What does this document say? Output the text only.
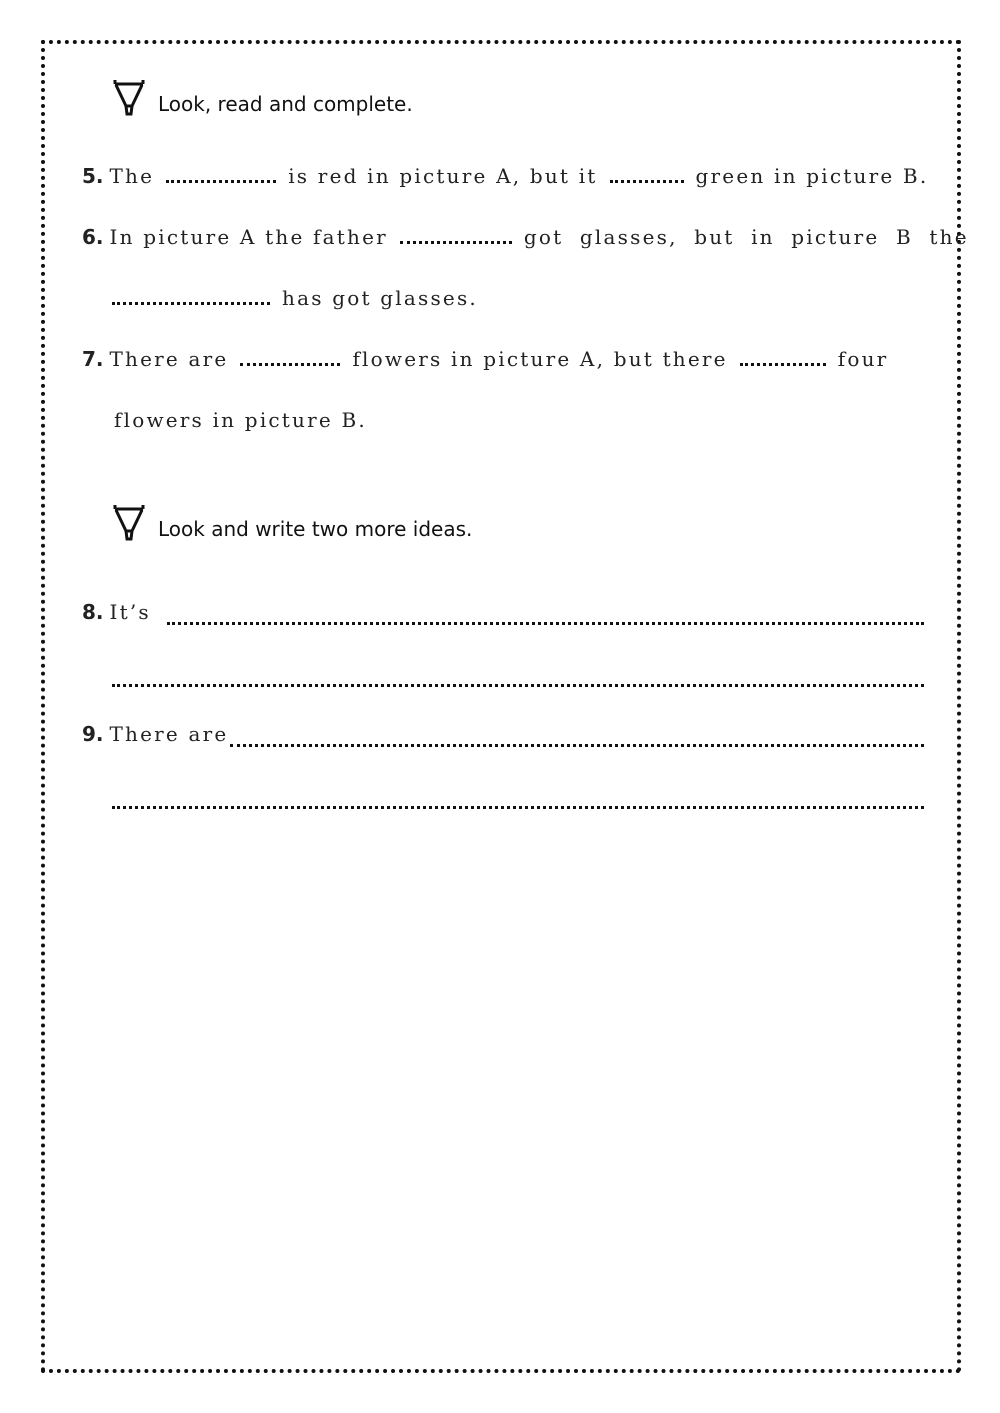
Look, read and complete.
5. The	is red in picture A, but it	green in picture B.
6. In picture A the father	got glasses, but in picture B the
has got glasses.
7. There are	flowers in picture A, but there	four
flowers in picture B.
Look and write two more ideas.
8. It’s
9. There are
